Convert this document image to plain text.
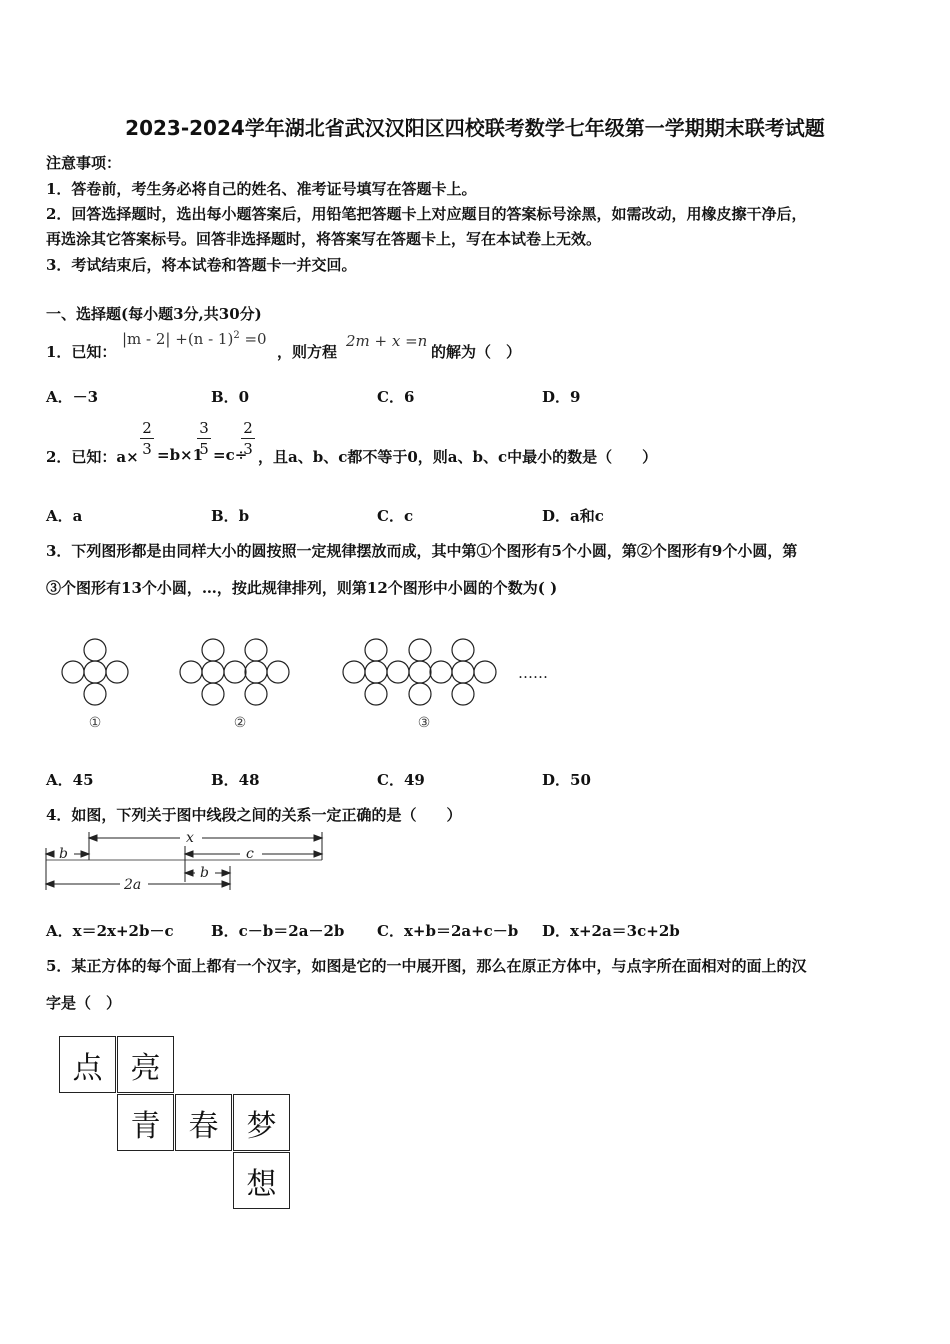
2023-2024学年湖北省武汉汉阳区四校联考数学七年级第一学期期末联考试题
注意事项：
1．答卷前，考生务必将自己的姓名、准考证号填写在答题卡上。
2．回答选择题时，选出每小题答案后，用铅笔把答题卡上对应题目的答案标号涂黑，如需改动，用橡皮擦干净后，
再选涂其它答案标号。回答非选择题时，将答案写在答题卡上，写在本试卷上无效。
3．考试结束后，将本试卷和答题卡一并交回。
一、选择题(每小题3分,共30分)
1．已知：
|m - 2| +(n - 1)$^2$ =0
，则方程
2m + x =n
的解为（　）
A．－3	B．0	C．6	D．9
2．已知：a×
2
3 =b×1
3
5 =c÷
2
3 ，且a、b、c都不等于0，则a、b、c中最小的数是（　　）
A．a	B．b	C．c	D．a和c
3．下列图形都是由同样大小的圆按照一定规律摆放而成，其中第①个图形有5个小圆，第②个图形有9个小圆，第
③个图形有13个小圆，…，按此规律排列，则第12个图形中小圆的个数为( )
①	②	③
……
A．45	B．48	C．49	D．50
4．如图，下列关于图中线段之间的关系一定正确的是（　　）
x
b	c
b
2a
A．x＝2x+2b－c B．c－b＝2a－2b C．x+b＝2a+c－b D．x+2a＝3c+2b
5．某正方体的每个面上都有一个汉字，如图是它的一中展开图，那么在原正方体中，与点字所在面相对的面上的汉
字是（　）
点 亮
青 春 梦
想
